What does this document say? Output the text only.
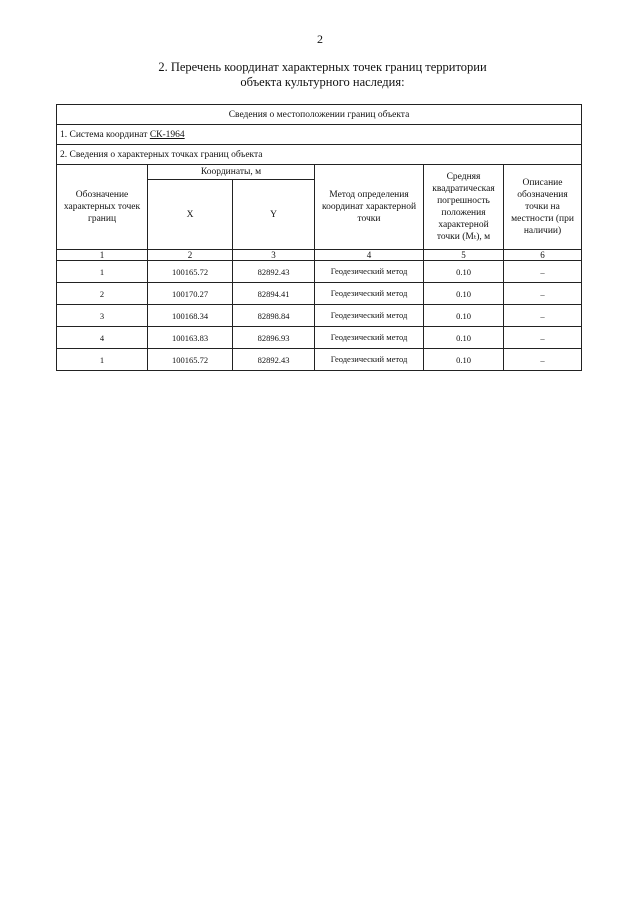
2
2. Перечень координат характерных точек границ территории
объекта культурного наследия:
Сведения о местоположении границ объекта					
1. Система координат СК-1964					
2. Сведения о характерных точках границ объекта					
Обозначение характерных точек границ	Координаты, м		Метод определения координат характерной точки	Средняя квадратическая погрешность положения характерной точки (Mₜ), м	Описание обозначения точки на местности (при наличии)
	X	Y			
1	2	3	4	5	6
1	100165.72	82892.43	Геодезический метод	0.10	–
2	100170.27	82894.41	Геодезический метод	0.10	–
3	100168.34	82898.84	Геодезический метод	0.10	–
4	100163.83	82896.93	Геодезический метод	0.10	–
1	100165.72	82892.43	Геодезический метод	0.10	–
